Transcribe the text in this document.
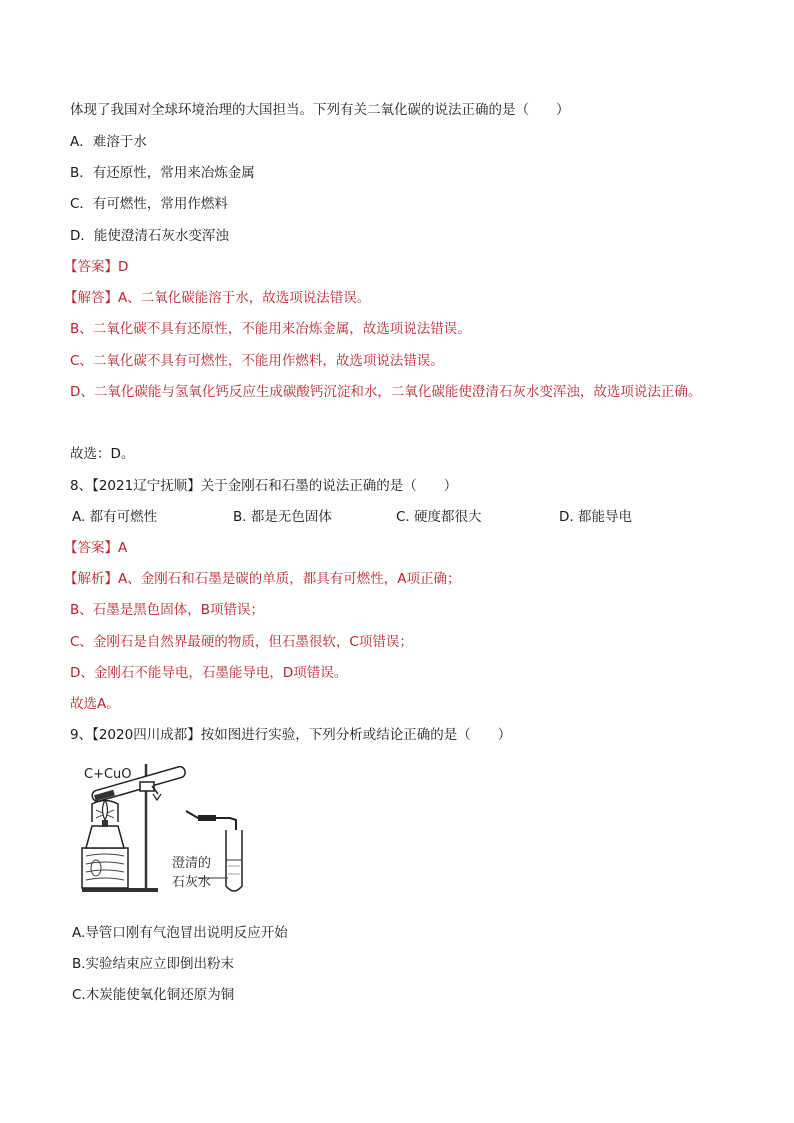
体现了我国对全球环境治理的大国担当。下列有关二氧化碳的说法正确的是（　　）
A．难溶于水
B．有还原性，常用来冶炼金属
C．有可燃性，常用作燃料
D．能使澄清石灰水变浑浊
【答案】D
【解答】A、二氧化碳能溶于水，故选项说法错误。
B、二氧化碳不具有还原性，不能用来冶炼金属，故选项说法错误。
C、二氧化碳不具有可燃性，不能用作燃料，故选项说法错误。
D、二氧化碳能与氢氧化钙反应生成碳酸钙沉淀和水，二氧化碳能使澄清石灰水变浑浊，故选项说法正确。
故选：D。
8、【2021辽宁抚顺】关于金刚石和石墨的说法正确的是（　　）
A. 都有可燃性	B. 都是无色固体	C. 硬度都很大	D. 都能导电
【答案】A
【解析】A、金刚石和石墨是碳的单质，都具有可燃性，A项正确；
B、石墨是黑色固体，B项错误；
C、金刚石是自然界最硬的物质，但石墨很软，C项错误；
D、金刚石不能导电，石墨能导电，D项错误。
故选A。
9、【2020四川成都】按如图进行实验，下列分析或结论正确的是（　　）
C+CuO
澄清的
石灰水
A.导管口刚有气泡冒出说明反应开始
B.实验结束应立即倒出粉末
C.木炭能使氧化铜还原为铜
